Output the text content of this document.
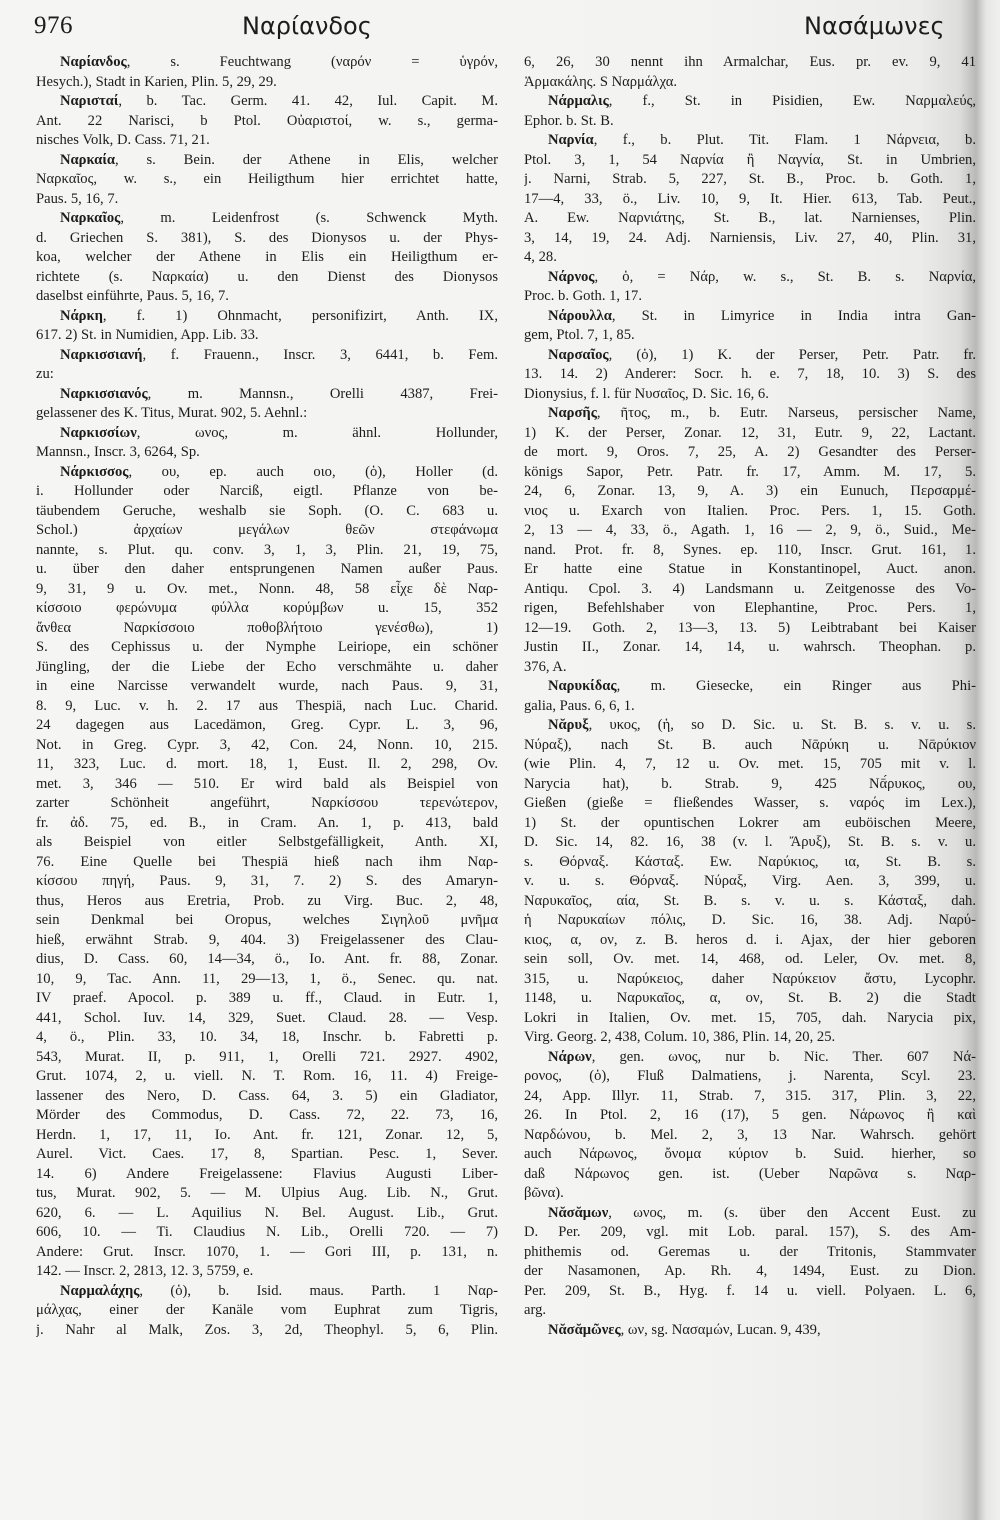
976	Ναρίανδος	Νασάμωνες
Ναρίανδος, s. Feuchtwang (ναρόν = ὑγρόν,
Hesych.), Stadt in Karien, Plin. 5, 29, 29.
Ναρισταί, b. Tac. Germ. 41. 42, Iul. Capit. M.
Ant. 22 Narisci, b Ptol. Οὐαριστοί, w. s., germa-
nisches Volk, D. Cass. 71, 21.
Ναρκαία, s. Bein. der Athene in Elis, welcher
Ναρκαῖος, w. s., ein Heiligthum hier errichtet hatte,
Paus. 5, 16, 7.
Ναρκαῖος, m. Leidenfrost (s. Schwenck Myth.
d. Griechen S. 381), S. des Dionysos u. der Phys-
koa, welcher der Athene in Elis ein Heiligthum er-
richtete (s. Ναρκαία) u. den Dienst des Dionysos
daselbst einführte, Paus. 5, 16, 7.
Νάρκη, f. 1) Ohnmacht, personifizirt, Anth. IX,
617. 2) St. in Numidien, App. Lib. 33.
Ναρκισσιανή, f. Frauenn., Inscr. 3, 6441, b. Fem.
zu:
Ναρκισσιανός, m. Mannsn., Orelli 4387, Frei-
gelassener des K. Titus, Murat. 902, 5. Aehnl.:
Ναρκισσίων, ωνος, m. ähnl. Hollunder,
Mannsn., Inscr. 3, 6264, Sp.
Νάρκισσος, ου, ep. auch οιο, (ὁ), Holler (d.
i. Hollunder oder Narciß, eigtl. Pflanze von be-
täubendem Geruche, weshalb sie Soph. (O. C. 683 u.
Schol.) ἀρχαίων μεγάλων θεῶν στεφάνωμα
nannte, s. Plut. qu. conv. 3, 1, 3, Plin. 21, 19, 75,
u. über den daher entsprungenen Namen außer Paus.
9, 31, 9 u. Ov. met., Nonn. 48, 58 εἶχε δὲ Ναρ-
κίσσοιο φερώνυμα φύλλα κορύμβων u. 15, 352
ἄνθεα Ναρκίσσοιο ποθοβλήτοιο γενέσθω), 1)
S. des Cephissus u. der Nymphe Leiriope, ein schöner
Jüngling, der die Liebe der Echo verschmähte u. daher
in eine Narcisse verwandelt wurde, nach Paus. 9, 31,
8. 9, Luc. v. h. 2. 17 aus Thespiä, nach Luc. Charid.
24 dagegen aus Lacedämon, Greg. Cypr. L. 3, 96,
Not. in Greg. Cypr. 3, 42, Con. 24, Nonn. 10, 215.
11, 323, Luc. d. mort. 18, 1, Eust. Il. 2, 298, Ov.
met. 3, 346 — 510. Er wird bald als Beispiel von
zarter Schönheit angeführt, Ναρκίσσου τερενώτερον,
fr. ἀδ. 75, ed. B., in Cram. An. 1, p. 413, bald
als Beispiel von eitler Selbstgefälligkeit, Anth. XI,
76. Eine Quelle bei Thespiä hieß nach ihm Ναρ-
κίσσου πηγή, Paus. 9, 31, 7. 2) S. des Amaryn-
thus, Heros aus Eretria, Prob. zu Virg. Buc. 2, 48,
sein Denkmal bei Oropus, welches Σιγηλοῦ μνῆμα
hieß, erwähnt Strab. 9, 404. 3) Freigelassener des Clau-
dius, D. Cass. 60, 14—34, ö., Io. Ant. fr. 88, Zonar.
10, 9, Tac. Ann. 11, 29—13, 1, ö., Senec. qu. nat.
IV praef. Apocol. p. 389 u. ff., Claud. in Eutr. 1,
441, Schol. Iuv. 14, 329, Suet. Claud. 28. — Vesp.
4, ö., Plin. 33, 10. 34, 18, Inschr. b. Fabretti p.
543, Murat. II, p. 911, 1, Orelli 721. 2927. 4902,
Grut. 1074, 2, u. viell. N. T. Rom. 16, 11. 4) Freige-
lassener des Nero, D. Cass. 64, 3. 5) ein Gladiator,
Mörder des Commodus, D. Cass. 72, 22. 73, 16,
Herdn. 1, 17, 11, Io. Ant. fr. 121, Zonar. 12, 5,
Aurel. Vict. Caes. 17, 8, Spartian. Pesc. 1, Sever.
14. 6) Andere Freigelassene: Flavius Augusti Liber-
tus, Murat. 902, 5. — M. Ulpius Aug. Lib. N., Grut.
620, 6. — L. Aquilius N. Bel. August. Lib., Grut.
606, 10. — Ti. Claudius N. Lib., Orelli 720. — 7)
Andere: Grut. Inscr. 1070, 1. — Gori III, p. 131, n.
142. — Inscr. 2, 2813, 12. 3, 5759, e.
Ναρμαλάχης, (ὁ), b. Isid. maus. Parth. 1 Ναρ-
μάλχας, einer der Kanäle vom Euphrat zum Tigris,
j. Nahr al Malk, Zos. 3, 2d, Theophyl. 5, 6, Plin.
6, 26, 30 nennt ihn Armalchar, Eus. pr. ev. 9, 41
Ἀρμακάλης. S Ναρμάλχα.
Νάρμαλις, f., St. in Pisidien, Ew. Ναρμαλεύς,
Ephor. b. St. B.
Ναρνία, f., b. Plut. Tit. Flam. 1 Νάρνεια, b.
Ptol. 3, 1, 54 Ναρνία ἢ Ναγνία, St. in Umbrien,
j. Narni, Strab. 5, 227, St. B., Proc. b. Goth. 1,
17—4, 33, ö., Liv. 10, 9, It. Hier. 613, Tab. Peut.,
A. Ew. Ναρνιάτης, St. B., lat. Narnienses, Plin.
3, 14, 19, 24. Adj. Narniensis, Liv. 27, 40, Plin. 31,
4, 28.
Νάρνος, ὁ, = Νάρ, w. s., St. B. s. Ναρνία,
Proc. b. Goth. 1, 17.
Νάρουλλα, St. in Limyrice in India intra Gan-
gem, Ptol. 7, 1, 85.
Ναρσαῖος, (ὁ), 1) K. der Perser, Petr. Patr. fr.
13. 14. 2) Anderer: Socr. h. e. 7, 18, 10. 3) S. des
Dionysius, f. l. für Νυσαῖος, D. Sic. 16, 6.
Ναρσῆς, ῆτος, m., b. Eutr. Narseus, persischer Name,
1) K. der Perser, Zonar. 12, 31, Eutr. 9, 22, Lactant.
de mort. 9, Oros. 7, 25, A. 2) Gesandter des Perser-
königs Sapor, Petr. Patr. fr. 17, Amm. M. 17, 5.
24, 6, Zonar. 13, 9, A. 3) ein Eunuch, Περσαρμέ-
νιος u. Exarch von Italien. Proc. Pers. 1, 15. Goth.
2, 13 — 4, 33, ö., Agath. 1, 16 — 2, 9, ö., Suid., Me-
nand. Prot. fr. 8, Synes. ep. 110, Inscr. Grut. 161, 1.
Er hatte eine Statue in Konstantinopel, Auct. anon.
Antiqu. Cpol. 3. 4) Landsmann u. Zeitgenosse des Vo-
rigen, Befehlshaber von Elephantine, Proc. Pers. 1,
12—19. Goth. 2, 13—3, 13. 5) Leibtrabant bei Kaiser
Justin II., Zonar. 14, 14, u. wahrsch. Theophan. p.
376, A.
Ναρυκίδας, m. Giesecke, ein Ringer aus Phi-
galia, Paus. 6, 6, 1.
Νᾰρυξ, υκος, (ἡ, so D. Sic. u. St. B. s. v. u. s.
Νύραξ), nach St. B. auch Νᾱρύκη u. Νᾱρύκιον
(wie Plin. 4, 7, 12 u. Ov. met. 15, 705 mit v. l.
Narycia hat), b. Strab. 9, 425 Νᾱ́ρυκος, ου,
Gießen (gieße = fließendes Wasser, s. ναρός im Lex.),
1) St. der opuntischen Lokrer am euböischen Meere,
D. Sic. 14, 82. 16, 38 (v. l. Ἄρυξ), St. B. s. v. u.
s. Θόρναξ. Κάσταξ. Ew. Ναρύκιος, ια, St. B. s.
v. u. s. Θόρναξ. Νύραξ, Virg. Aen. 3, 399, u.
Ναρυκαῖος, αία, St. B. s. v. u. s. Κάσταξ, dah.
ἡ Ναρυκαίων πόλις, D. Sic. 16, 38. Adj. Ναρύ-
κιος, α, ον, z. B. heros d. i. Ajax, der hier geboren
sein soll, Ov. met. 14, 468, od. Leler, Ov. met. 8,
315, u. Ναρύκειος, daher Ναρύκειον ἄστυ, Lycophr.
1148, u. Ναρυκαῖος, α, ον, St. B. 2) die Stadt
Lokri in Italien, Ov. met. 15, 705, dah. Narycia pix,
Virg. Georg. 2, 438, Colum. 10, 386, Plin. 14, 20, 25.
Νάρων, gen. ωνος, nur b. Nic. Ther. 607 Νά-
ρονος, (ὁ), Fluß Dalmatiens, j. Narenta, Scyl. 23.
24, App. Illyr. 11, Strab. 7, 315. 317, Plin. 3, 22,
26. In Ptol. 2, 16 (17), 5 gen. Νάρωνος ἢ καὶ
Ναρδώνου, b. Mel. 2, 3, 13 Nar. Wahrsch. gehört
auch Νάρωνος, ὄνομα κύριον b. Suid. hierher, so
daß Νάρωνος gen. ist. (Ueber Ναρῶνα s. Ναρ-
βῶνα).
Νᾰσᾰμων, ωνος, m. (s. über den Accent Eust. zu
D. Per. 209, vgl. mit Lob. paral. 157), S. des Am-
phithemis od. Geremas u. der Tritonis, Stammvater
der Nasamonen, Ap. Rh. 4, 1494, Eust. zu Dion.
Per. 209, St. B., Hyg. f. 14 u. viell. Polyaen. L. 6,
arg.
Νᾰσᾰμῶνες, ων, sg. Νασαμών, Lucan. 9, 439,
